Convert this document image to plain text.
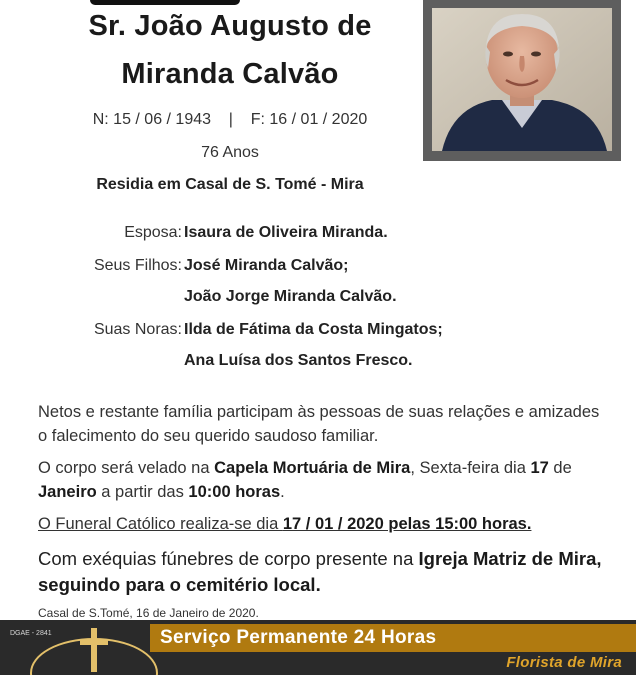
Sr. João Augusto de
Miranda Calvão
N: 15 / 06 / 1943    |    F: 16 / 01 / 2020
76 Anos
Residia em Casal de S. Tomé - Mira
Esposa: Isaura de Oliveira Miranda.
Seus Filhos: José Miranda Calvão;
João Jorge Miranda Calvão.
Suas Noras: Ilda de Fátima da Costa Mingatos;
Ana Luísa dos Santos Fresco.
Netos e restante família participam às pessoas de suas relações e amizades o falecimento do seu querido saudoso familiar.
O corpo será velado na Capela Mortuária de Mira, Sexta-feira dia 17 de Janeiro a partir das 10:00 horas.
O Funeral Católico realiza-se dia 17 / 01 / 2020 pelas 15:00 horas.
Com exéquias fúnebres de corpo presente na Igreja Matriz de Mira, seguindo para o cemitério local.
Casal de S.Tomé, 16 de Janeiro de 2020.
DGAE - 2841	Serviço Permanente 24 Horas
Florista de Mira
